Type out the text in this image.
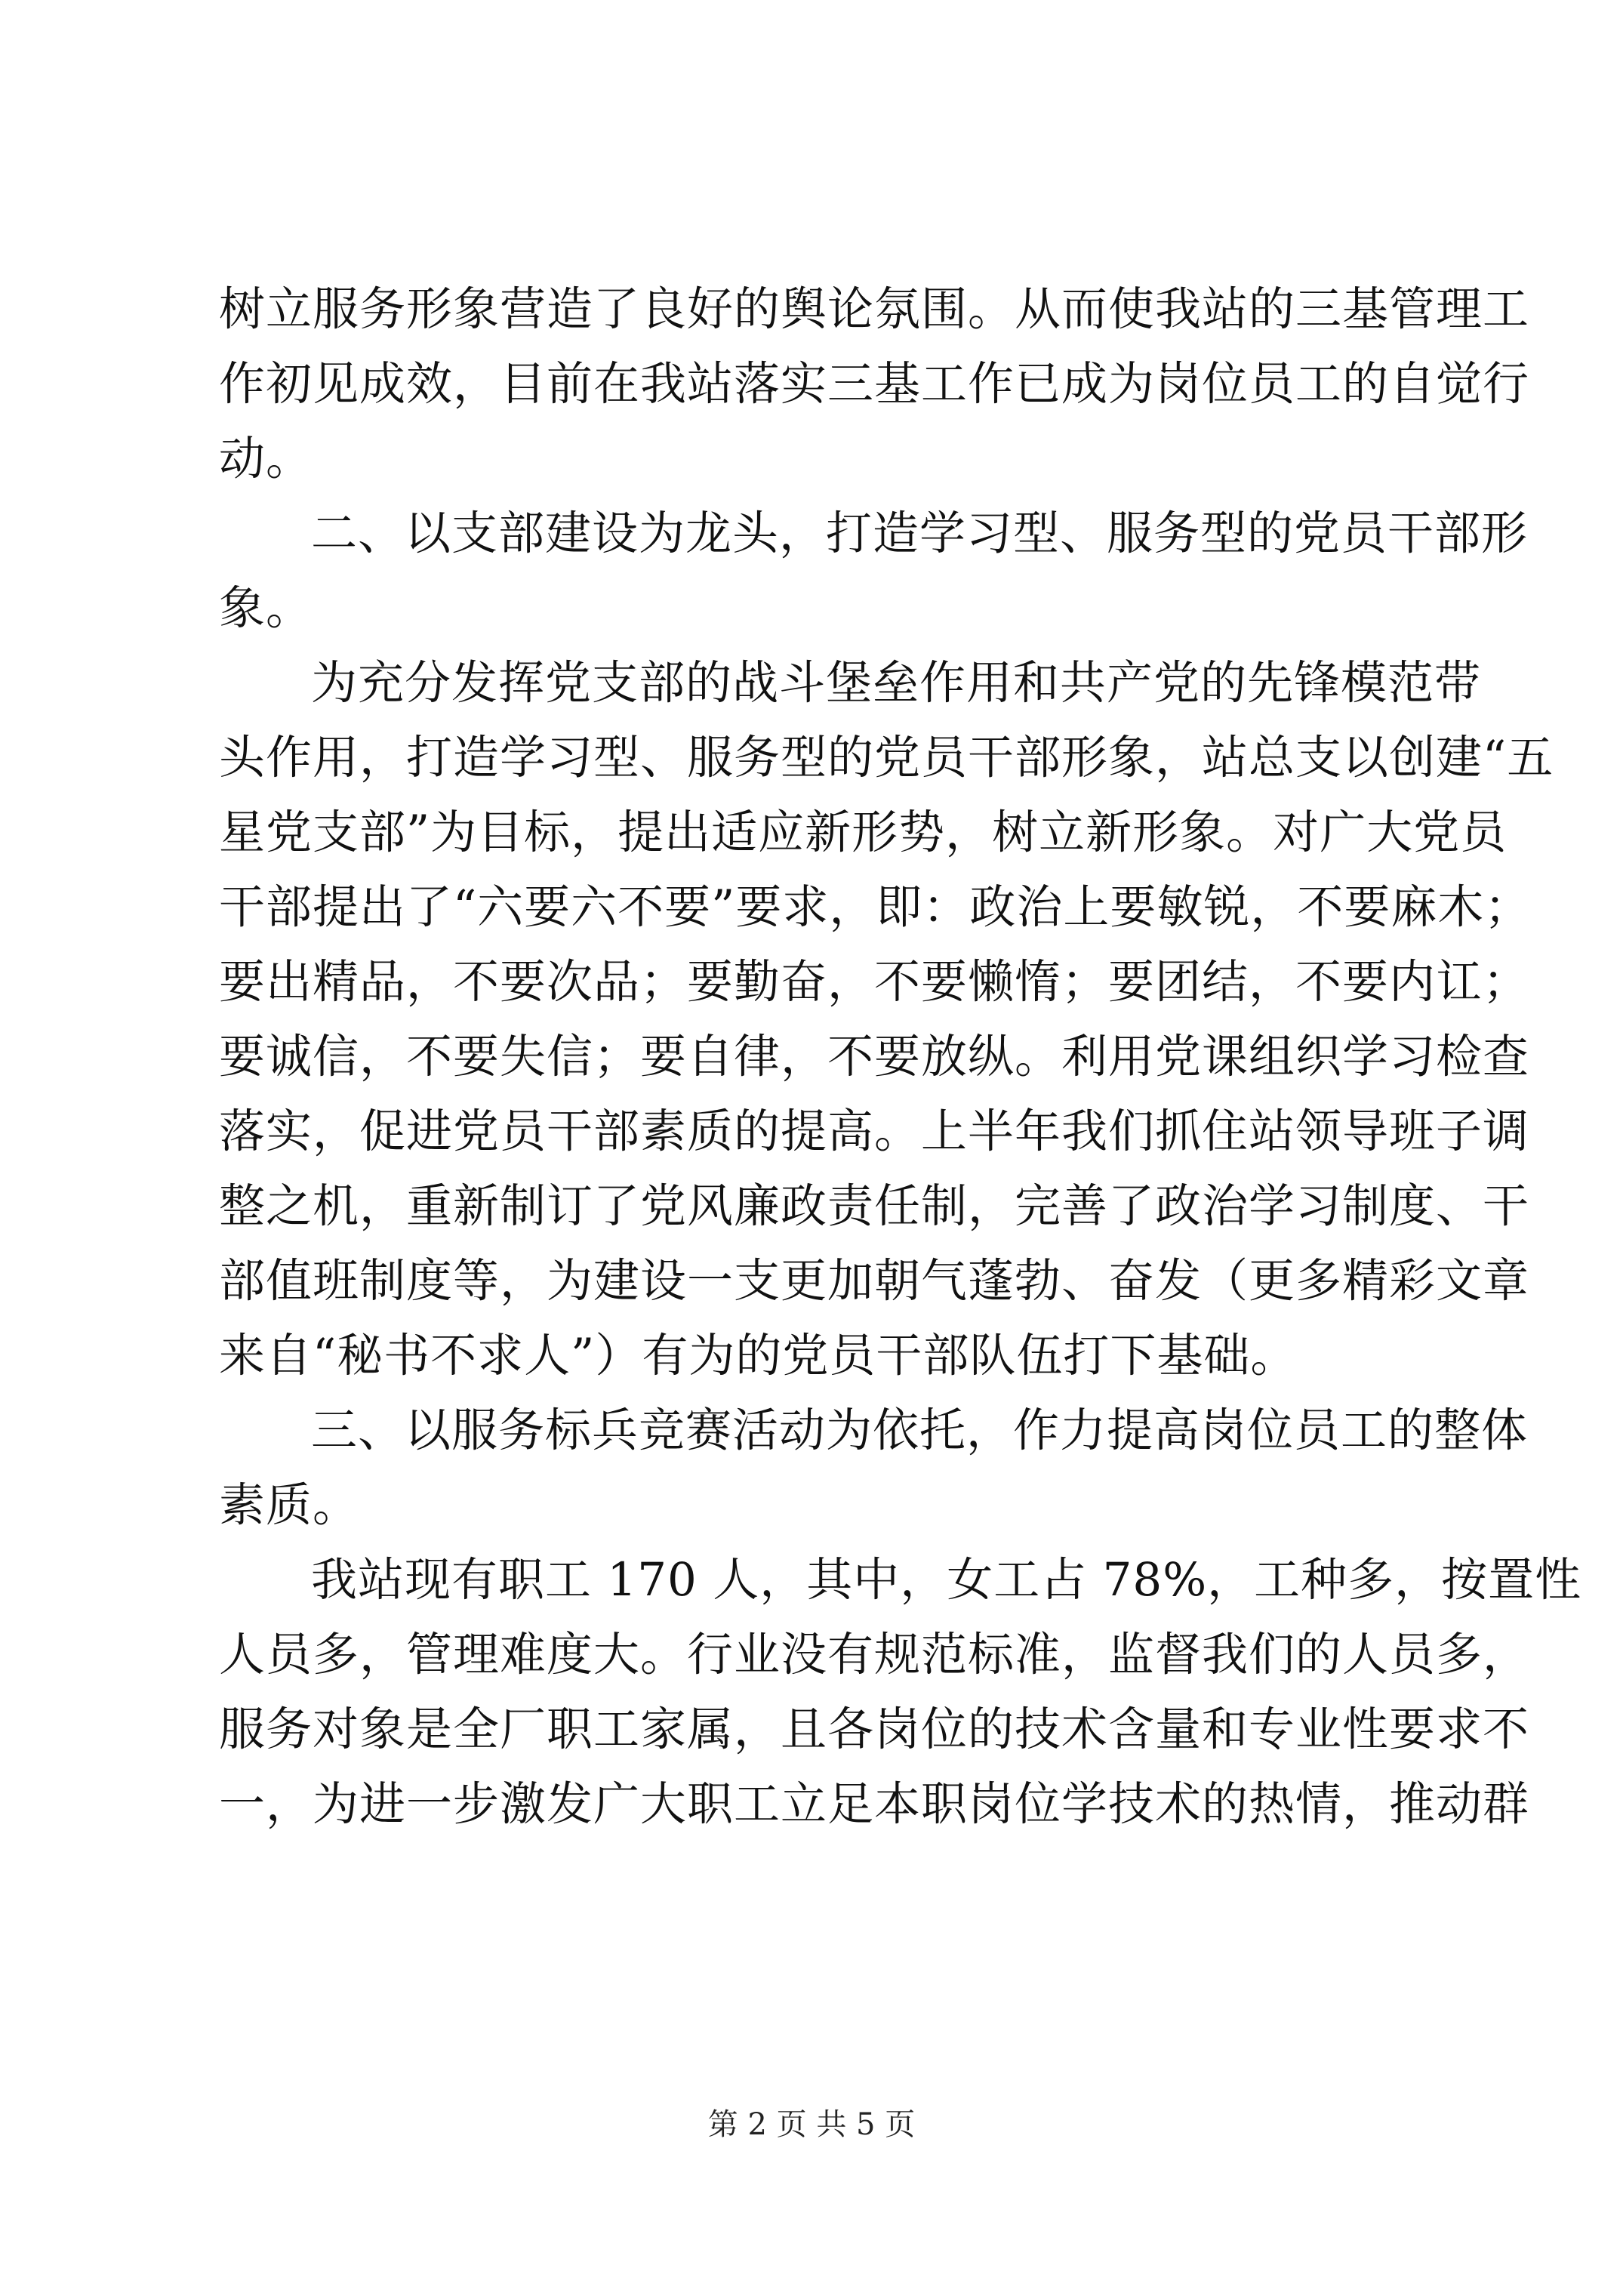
树立服务形象营造了良好的舆论氛围。从而使我站的三基管理工
作初见成效，目前在我站落实三基工作已成为岗位员工的自觉行
动。
二、以支部建设为龙头，打造学习型、服务型的党员干部形
象。
为充分发挥党支部的战斗堡垒作用和共产党的先锋模范带
头作用，打造学习型、服务型的党员干部形象，站总支以创建“五
星党支部”为目标，提出适应新形势，树立新形象。对广大党员
干部提出了“六要六不要”要求，即：政治上要敏锐，不要麻木；
要出精品，不要次品；要勤奋，不要懒惰；要团结，不要内讧；
要诚信，不要失信；要自律，不要放纵。利用党课组织学习检查
落实，促进党员干部素质的提高。上半年我们抓住站领导班子调
整之机，重新制订了党风廉政责任制，完善了政治学习制度、干
部值班制度等，为建设一支更加朝气蓬勃、奋发（更多精彩文章
来自“秘书不求人”）有为的党员干部队伍打下基础。
三、以服务标兵竞赛活动为依托，作力提高岗位员工的整体
素质。
我站现有职工 170 人，其中，女工占 78%，工种多，按置性
人员多，管理难度大。行业没有规范标准，监督我们的人员多，
服务对象是全厂职工家属，且各岗位的技术含量和专业性要求不
一，为进一步激发广大职工立足本职岗位学技术的热情，推动群
第 2 页 共 5 页
